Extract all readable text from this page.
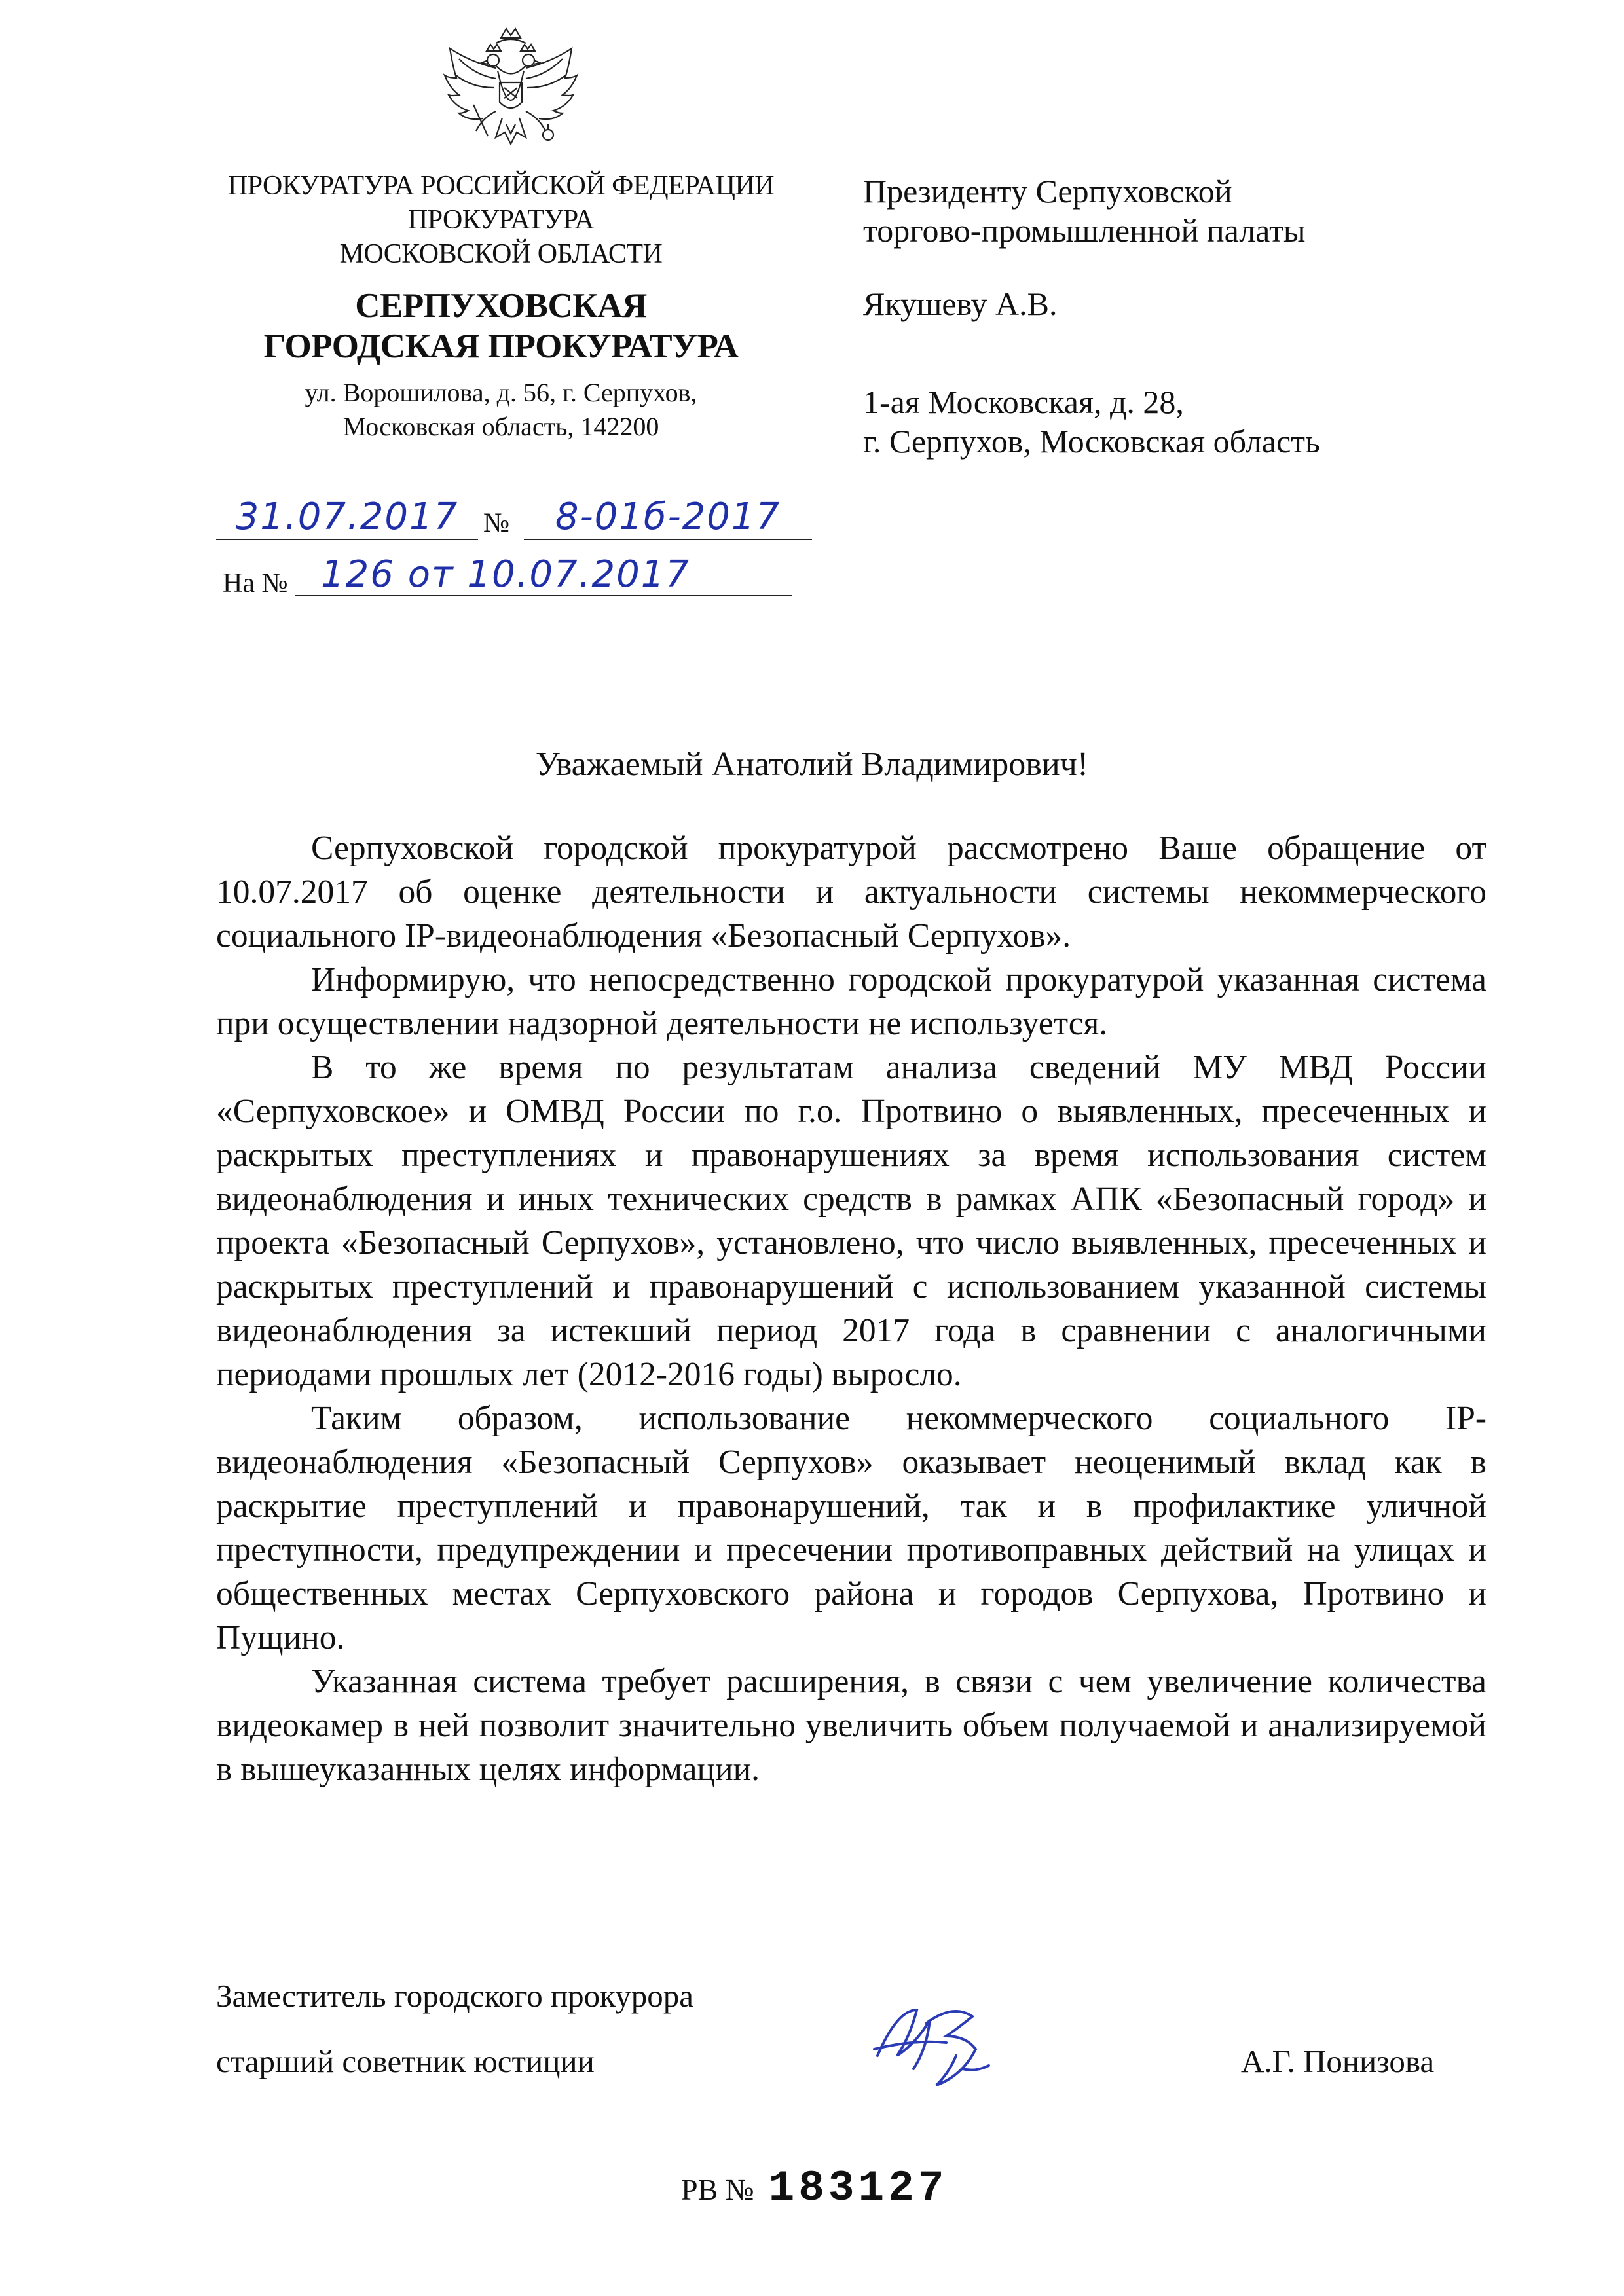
ПРОКУРАТУРА РОССИЙСКОЙ ФЕДЕРАЦИИ
ПРОКУРАТУРА
МОСКОВСКОЙ ОБЛАСТИ
СЕРПУХОВСКАЯ
ГОРОДСКАЯ ПРОКУРАТУРА
ул. Ворошилова, д. 56, г. Серпухов,
Московская область, 142200
Президенту Серпуховской
торгово-промышленной палаты
Якушеву А.В.
1-ая Московская, д. 28,
г. Серпухов, Московская область
31.07.2017 №	8-01б-2017
На № 126 от 10.07.2017
Уважаемый Анатолий Владимирович!

Серпуховской городской прокуратурой рассмотрено Ваше обращение от 10.07.2017 об оценке деятельности и актуальности системы некоммерческого социального IP-видеонаблюдения «Безопасный Серпухов».

Информирую, что непосредственно городской прокуратурой указанная система при осуществлении надзорной деятельности не используется.

В то же время по результатам анализа сведений МУ МВД России «Серпуховское» и ОМВД России по г.о. Протвино о выявленных, пресеченных и раскрытых преступлениях и правонарушениях за время использования систем видеонаблюдения и иных технических средств в рамках АПК «Безопасный город» и проекта «Безопасный Серпухов», установлено, что число выявленных, пресеченных и раскрытых преступлений и правонарушений с использованием указанной системы видеонаблюдения за истекший период 2017 года в сравнении с аналогичными периодами прошлых лет (2012-2016 годы) выросло.

Таким образом, использование некоммерческого социального IP-видеонаблюдения «Безопасный Серпухов» оказывает неоценимый вклад как в раскрытие преступлений и правонарушений, так и в профилактике уличной преступности, предупреждении и пресечении противоправных действий на улицах и общественных местах Серпуховского района и городов Серпухова, Протвино и Пущино.

Указанная система требует расширения, в связи с чем увеличение количества видеокамер в ней позволит значительно увеличить объем получаемой и анализируемой в вышеуказанных целях информации.

Заместитель городского прокурора
старший советник юстиции	А.Г. Понизова
РВ № 183127
